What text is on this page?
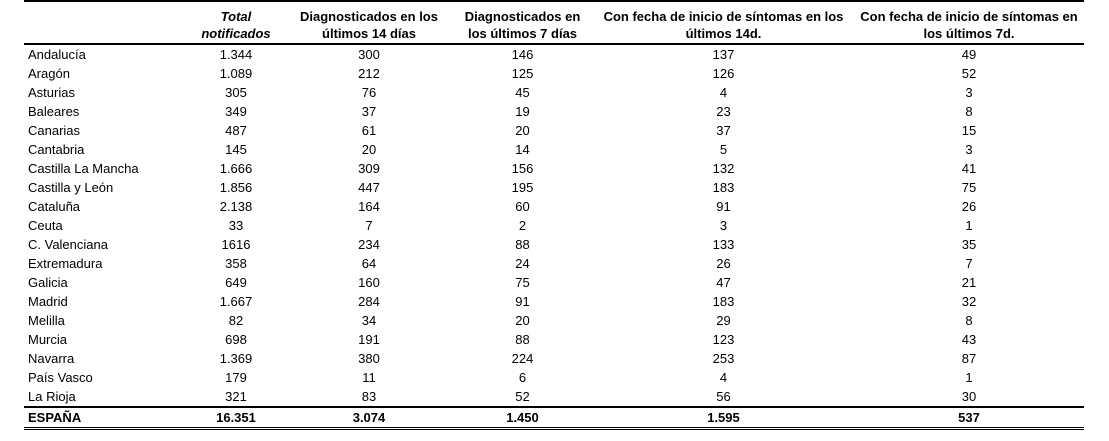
	Total notificados	Diagnosticados en los últimos 14 días	Diagnosticados en los últimos 7 días	Con fecha de inicio de síntomas en los últimos 14d.	Con fecha de inicio de síntomas en los últimos 7d.
Andalucía	1.344	300	146	137	49
Aragón	1.089	212	125	126	52
Asturias	305	76	45	4	3
Baleares	349	37	19	23	8
Canarias	487	61	20	37	15
Cantabria	145	20	14	5	3
Castilla La Mancha	1.666	309	156	132	41
Castilla y León	1.856	447	195	183	75
Cataluña	2.138	164	60	91	26
Ceuta	33	7	2	3	1
C. Valenciana	1616	234	88	133	35
Extremadura	358	64	24	26	7
Galicia	649	160	75	47	21
Madrid	1.667	284	91	183	32
Melilla	82	34	20	29	8
Murcia	698	191	88	123	43
Navarra	1.369	380	224	253	87
País Vasco	179	11	6	4	1
La Rioja	321	83	52	56	30
ESPAÑA	16.351	3.074	1.450	1.595	537
